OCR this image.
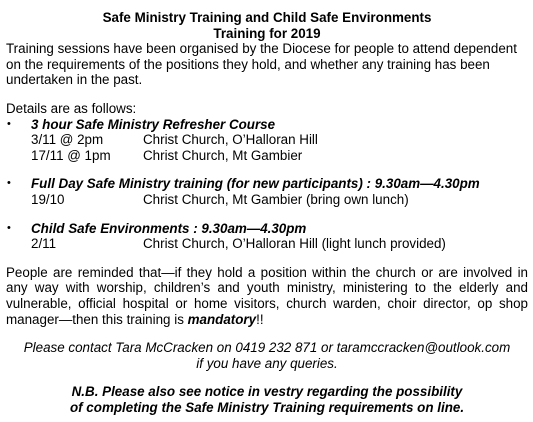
Safe Ministry Training and Child Safe Environments
Training for 2019

Training sessions have been organised by the Diocese for people to attend dependent on the requirements of the positions they hold, and whether any training has been undertaken in the past.

Details are as follows:

• 3 hour Safe Ministry Refresher Course
3/11 @ 2pm	Christ Church, O’Halloran Hill
17/11 @ 1pm	Christ Church, Mt Gambier
• Full Day Safe Ministry training (for new participants) : 9.30am—4.30pm
19/10	Christ Church, Mt Gambier (bring own lunch)
• Child Safe Environments : 9.30am—4.30pm
2/11	Christ Church, O’Halloran Hill (light lunch provided)

People are reminded that—if they hold a position within the church or are involved in any way with worship, children’s and youth ministry, ministering to the elderly and vulnerable, official hospital or home visitors, church warden, choir director, op shop manager—then this training is mandatory!!

Please contact Tara McCracken on 0419 232 871 or taramccracken@outlook.com
if you have any queries.
N.B. Please also see notice in vestry regarding the possibility
of completing the Safe Ministry Training requirements on line.
